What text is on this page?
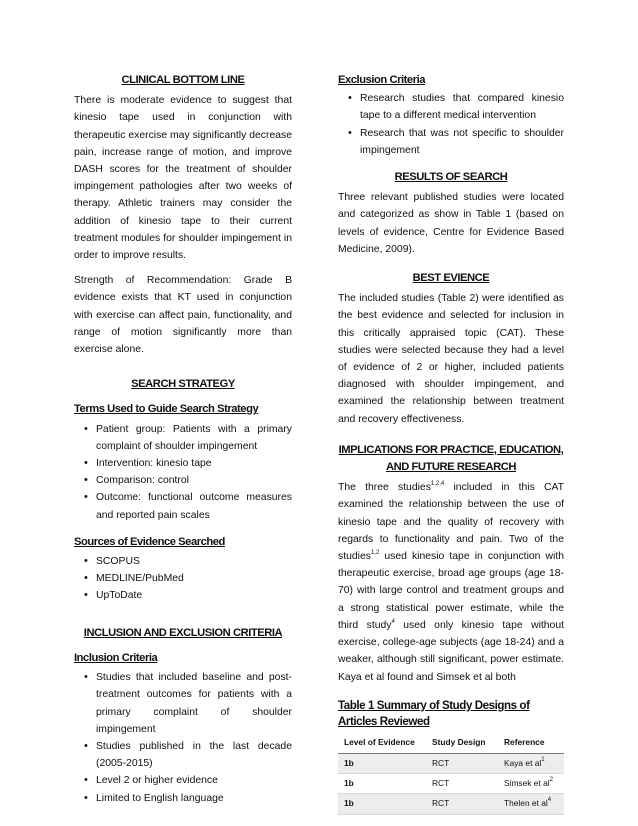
CLINICAL BOTTOM LINE

There is moderate evidence to suggest that kinesio tape used in conjunction with therapeutic exercise may significantly decrease pain, increase range of motion, and improve DASH scores for the treatment of shoulder impingement pathologies after two weeks of therapy. Athletic trainers may consider the addition of kinesio tape to their current treatment modules for shoulder impingement in order to improve results.

Strength of Recommendation: Grade B evidence exists that KT used in conjunction with exercise can affect pain, functionality, and range of motion significantly more than exercise alone.

SEARCH STRATEGY
Terms Used to Guide Search Strategy
• Patient group: Patients with a primary complaint of shoulder impingement
• Intervention: kinesio tape
• Comparison: control
• Outcome: functional outcome measures and reported pain scales
Sources of Evidence Searched
• SCOPUS
• MEDLINE/PubMed
• UpToDate
INCLUSION AND EXCLUSION CRITERIA
Inclusion Criteria
• Studies that included baseline and post-treatment outcomes for patients with a primary complaint of shoulder impingement
• Studies published in the last decade (2005-2015)
• Level 2 or higher evidence
• Limited to English language
Exclusion Criteria
• Research studies that compared kinesio tape to a different medical intervention
• Research that was not specific to shoulder impingement
RESULTS OF SEARCH

Three relevant published studies were located and categorized as show in Table 1 (based on levels of evidence, Centre for Evidence Based Medicine, 2009).

BEST EVIENCE

The included studies (Table 2) were identified as the best evidence and selected for inclusion in this critically appraised topic (CAT). These studies were selected because they had a level of evidence of 2 or higher, included patients diagnosed with shoulder impingement, and examined the relationship between treatment and recovery effectiveness.

IMPLICATIONS FOR PRACTICE, EDUCATION, AND FUTURE RESEARCH

The three studies$^{1,2,4}$ included in this CAT examined the relationship between the use of kinesio tape and the quality of recovery with regards to functionality and pain. Two of the studies$^{1,2}$ used kinesio tape in conjunction with therapeutic exercise, broad age groups (age 18-70) with large control and treatment groups and a strong statistical power estimate, while the third study$^4$ used only kinesio tape without exercise, college-age subjects (age 18-24) and a weaker, although still significant, power estimate. Kaya et al found and Simsek et al both

Table 1 Summary of Study Designs of Articles Reviewed
Level of Evidence	Study Design	Reference
1b	RCT	Kaya et $al^1$
1b	RCT	Simsek et $al^2$
1b	RCT	Thelen et $al^4$
